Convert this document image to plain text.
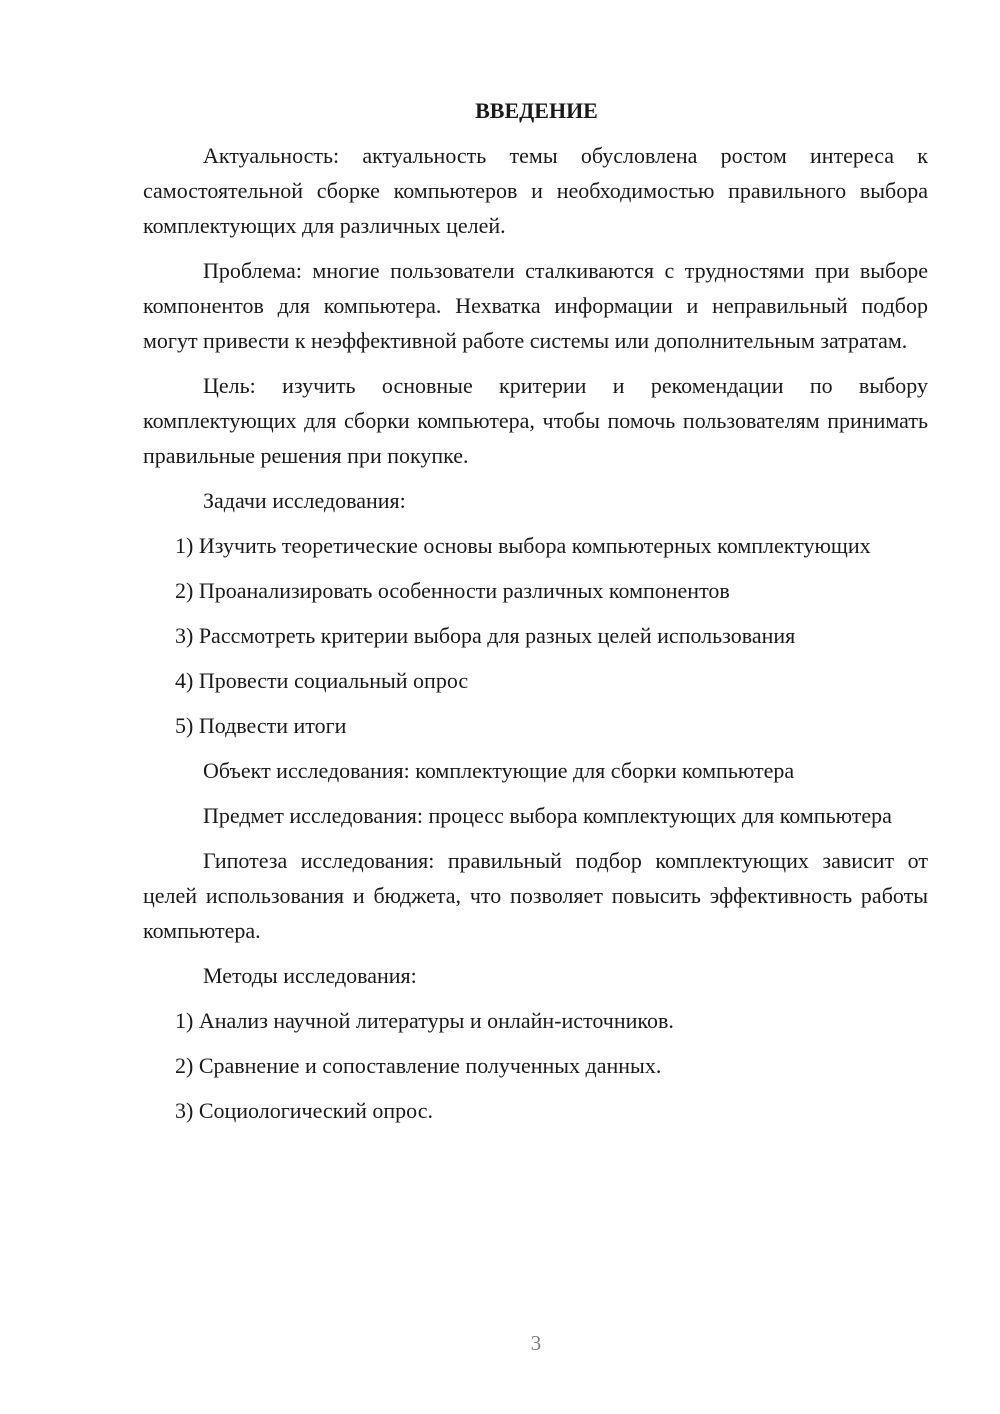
ВВЕДЕНИЕ

Актуальность: актуальность темы обусловлена ростом интереса к самостоятельной сборке компьютеров и необходимостью правильного выбора комплектующих для различных целей.

Проблема: многие пользователи сталкиваются с трудностями при выборе компонентов для компьютера. Нехватка информации и неправильный подбор могут привести к неэффективной работе системы или дополнительным затратам.

Цель: изучить основные критерии и рекомендации по выбору комплектующих для сборки компьютера, чтобы помочь пользователям принимать правильные решения при покупке.

Задачи исследования:

1) Изучить теоретические основы выбора компьютерных комплектующих

2) Проанализировать особенности различных компонентов

3) Рассмотреть критерии выбора для разных целей использования

4) Провести социальный опрос

5) Подвести итоги

Объект исследования: комплектующие для сборки компьютера

Предмет исследования: процесс выбора комплектующих для компьютера

Гипотеза исследования: правильный подбор комплектующих зависит от целей использования и бюджета, что позволяет повысить эффективность работы компьютера.

Методы исследования:

1) Анализ научной литературы и онлайн-источников.

2) Сравнение и сопоставление полученных данных.

3) Социологический опрос.

3
